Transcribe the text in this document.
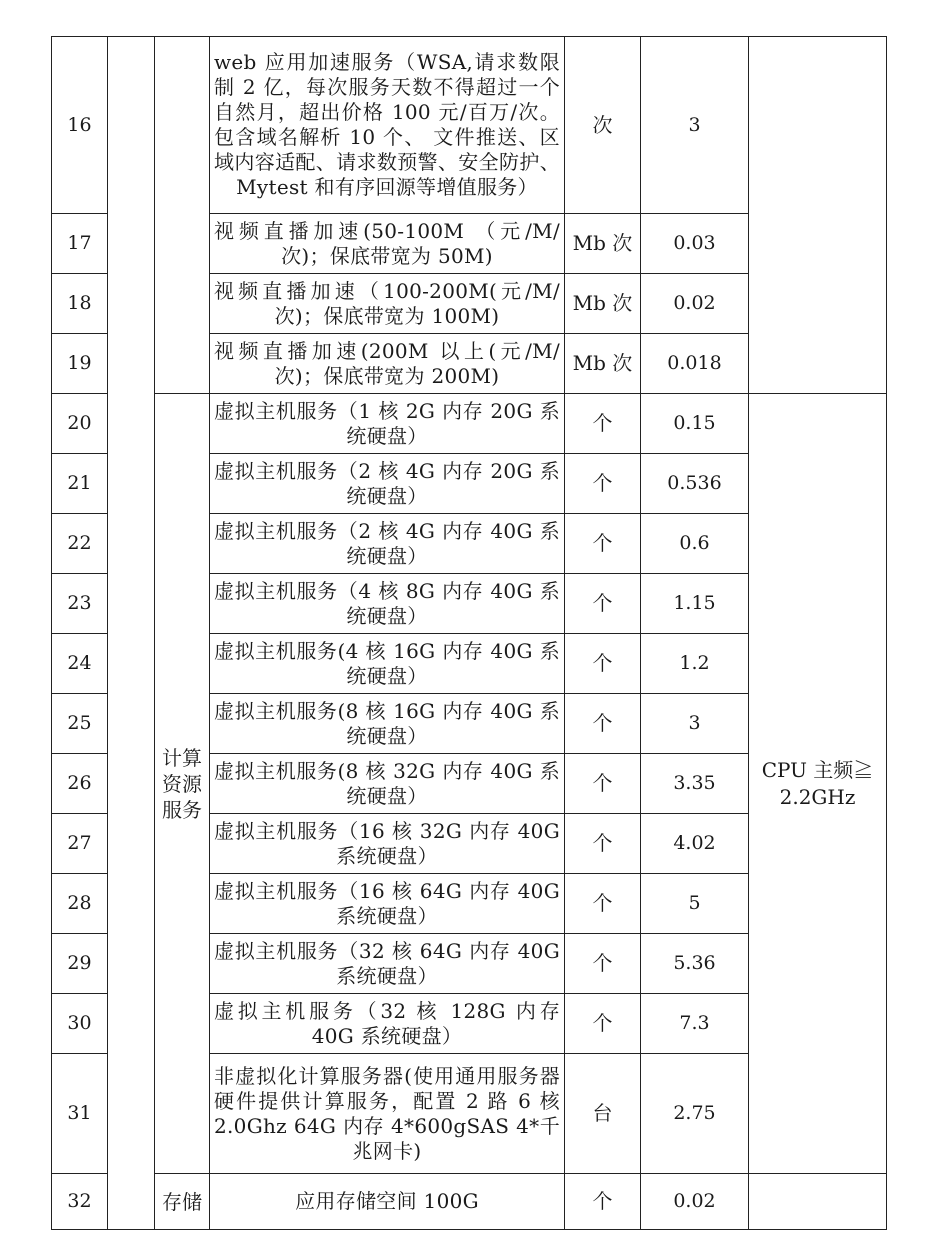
16			web 应用加速服务（WSA,请求数限制 2 亿，每次服务天数不得超过一个自然月，超出价格 100 元/百万/次。包含域名解析 10 个、 文件推送、区域内容适配、请求数预警、安全防护、Mytest 和有序回源等增值服务）	次	3	
17			视频直播加速(50-100M （元/M/次)；保底带宽为 50M)	Mb 次	0.03	
18			视频直播加速（100-200M(元/M/次)；保底带宽为 100M)	Mb 次	0.02	
19			视频直播加速(200M 以上(元/M/次)；保底带宽为 200M)	Mb 次	0.018	
20		计算资源服务	虚拟主机服务（1 核 2G 内存 20G 系统硬盘）	个	0.15	CPU 主频≧ 2.2GHz
21			虚拟主机服务（2 核 4G 内存 20G 系统硬盘）	个	0.536	
22			虚拟主机服务（2 核 4G 内存 40G 系统硬盘）	个	0.6	
23			虚拟主机服务（4 核 8G 内存 40G 系统硬盘）	个	1.15	
24			虚拟主机服务(4 核 16G 内存 40G 系统硬盘）	个	1.2	
25			虚拟主机服务(8 核 16G 内存 40G 系统硬盘）	个	3	
26			虚拟主机服务(8 核 32G 内存 40G 系统硬盘）	个	3.35	
27			虚拟主机服务（16 核 32G 内存 40G 系统硬盘）	个	4.02	
28			虚拟主机服务（16 核 64G 内存 40G 系统硬盘）	个	5	
29			虚拟主机服务（32 核 64G 内存 40G 系统硬盘）	个	5.36	
30			虚拟主机服务（32 核 128G 内存 40G 系统硬盘）	个	7.3	
31			非虚拟化计算服务器(使用通用服务器硬件提供计算服务，配置 2 路 6 核 2.0Ghz 64G 内存 4*600gSAS 4*千兆网卡)	台	2.75	
32		存储	应用存储空间 100G	个	0.02	
